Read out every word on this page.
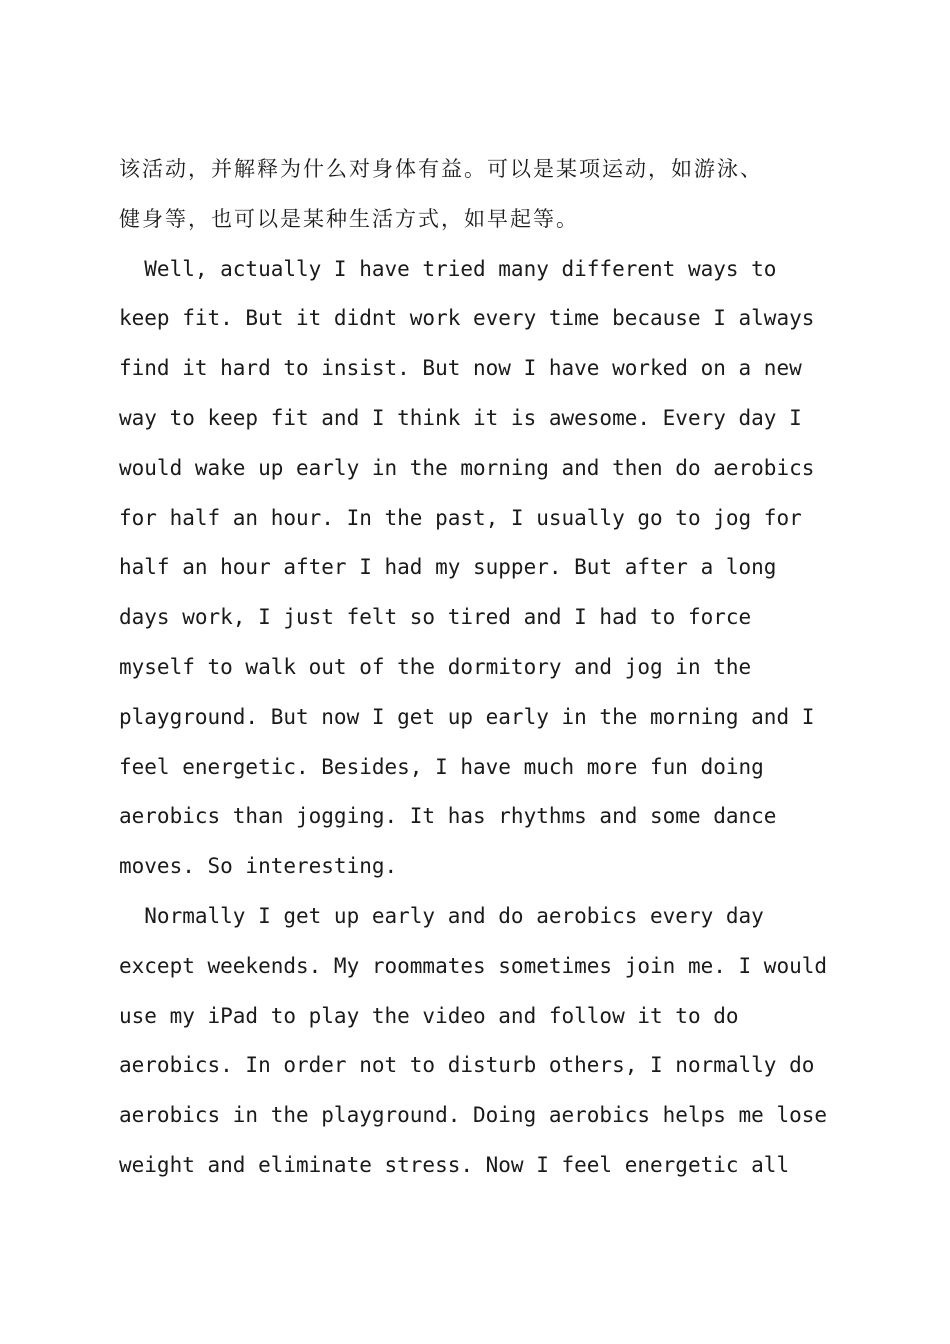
该活动，并解释为什么对身体有益。可以是某项运动，如游泳、
健身等，也可以是某种生活方式，如早起等。
Well, actually I have tried many different ways to
keep fit. But it didnt work every time because I always
find it hard to insist. But now I have worked on a new
way to keep fit and I think it is awesome. Every day I
would wake up early in the morning and then do aerobics
for half an hour. In the past, I usually go to jog for
half an hour after I had my supper. But after a long
days work, I just felt so tired and I had to force
myself to walk out of the dormitory and jog in the
playground. But now I get up early in the morning and I
feel energetic. Besides, I have much more fun doing
aerobics than jogging. It has rhythms and some dance
moves. So interesting.
Normally I get up early and do aerobics every day
except weekends. My roommates sometimes join me. I would
use my iPad to play the video and follow it to do
aerobics. In order not to disturb others, I normally do
aerobics in the playground. Doing aerobics helps me lose
weight and eliminate stress. Now I feel energetic all
